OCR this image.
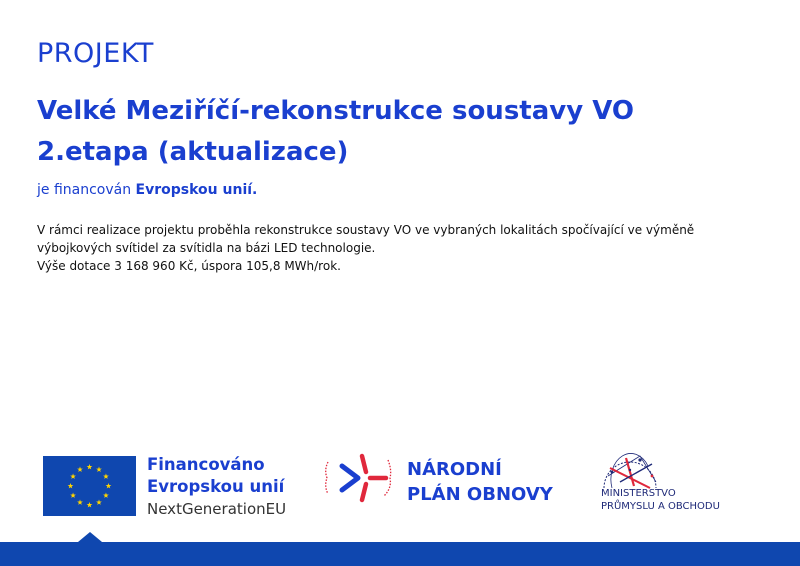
PROJEKT
Velké Meziříčí-rekonstrukce soustavy VO
2.etapa (aktualizace)
je financován Evropskou unií.
V rámci realizace projektu proběhla rekonstrukce soustavy VO ve vybraných lokalitách spočívající ve výměně
výbojkových svítidel za svítidla na bázi LED technologie.
Výše dotace 3 168 960 Kč, úspora 105,8 MWh/rok.
Financováno
Evropskou unií
NextGenerationEU
NÁRODNÍ
PLÁN OBNOVY	MINISTERSTVO
PRŮMYSLU A OBCHODU
